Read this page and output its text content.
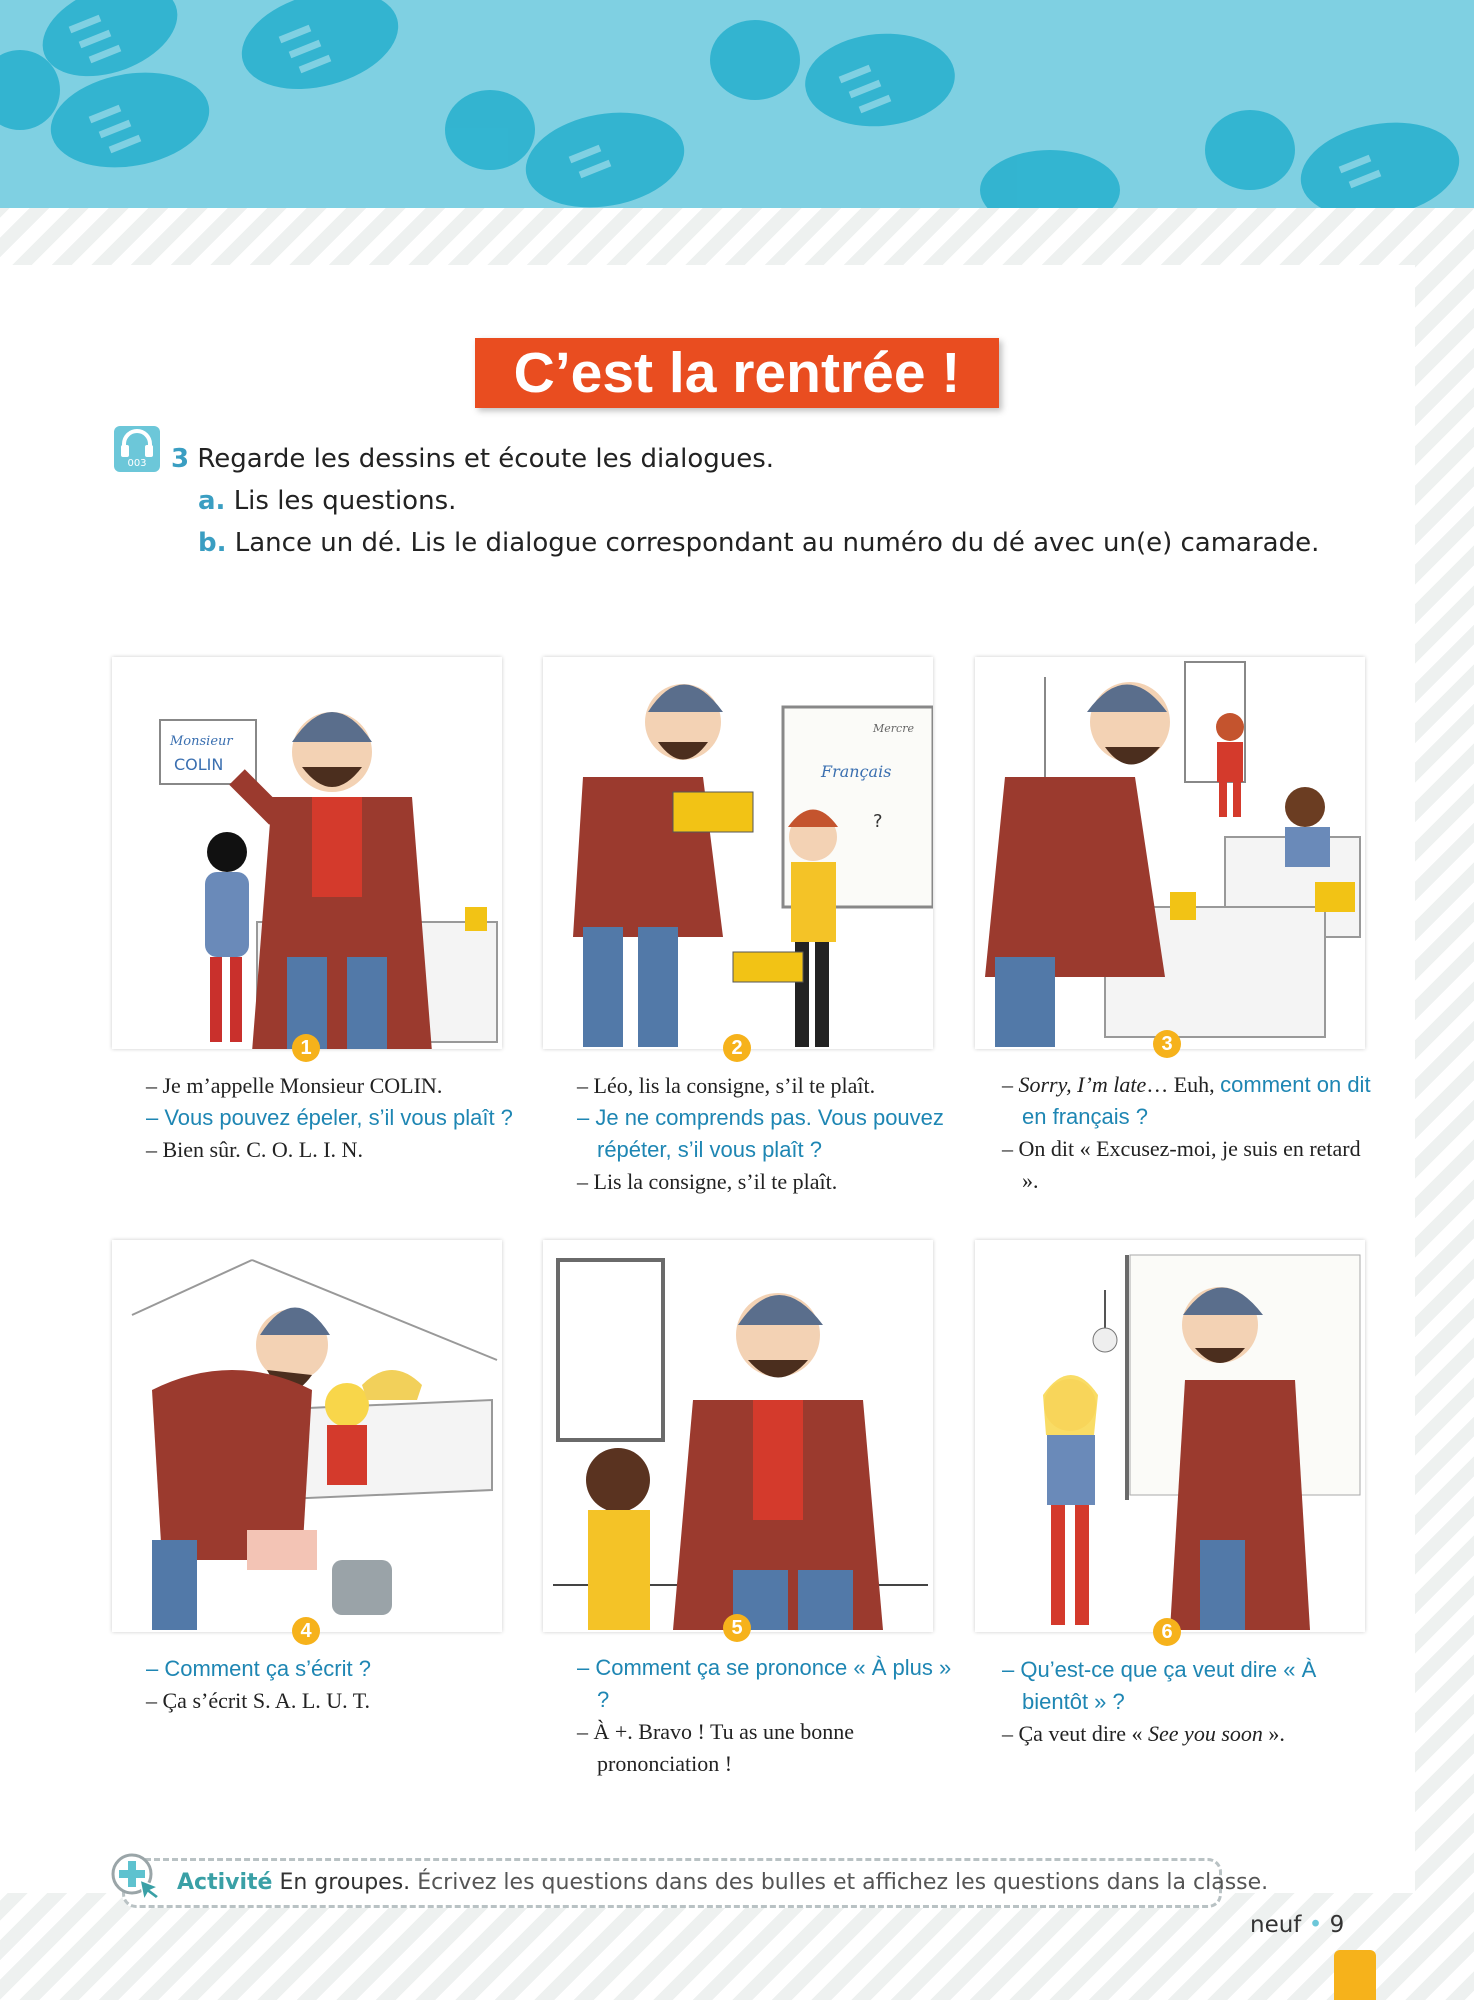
C’est la rentrée !
003 3 Regarde les dessins et écoute les dialogues.
a. Lis les questions.
b. Lance un dé. Lis le dialogue correspondant au numéro du dé avec un(e) camarade.
Monsieur
COLIN
1
– Je m’appelle Monsieur COLIN.
– Vous pouvez épeler, s’il vous plaît ?
– Bien sûr. C. O. L. I. N.
Mercre
Français
?
2
– Léo, lis la consigne, s’il te plaît.
– Je ne comprends pas. Vous pouvez répéter, s’il vous plaît ?
– Lis la consigne, s’il te plaît.
3
– Sorry, I’m late… Euh, comment on dit en français ?
– On dit « Excusez-moi, je suis en retard ».
4
– Comment ça s’écrit ?
– Ça s’écrit S. A. L. U. T.
5
– Comment ça se prononce « À plus » ?
– À +. Bravo ! Tu as une bonne prononciation !
6
– Qu’est-ce que ça veut dire « À bientôt » ?
– Ça veut dire « See you soon ».
Activité En groupes. Écrivez les questions dans des bulles et affichez les questions dans la classe.
neuf • 9
